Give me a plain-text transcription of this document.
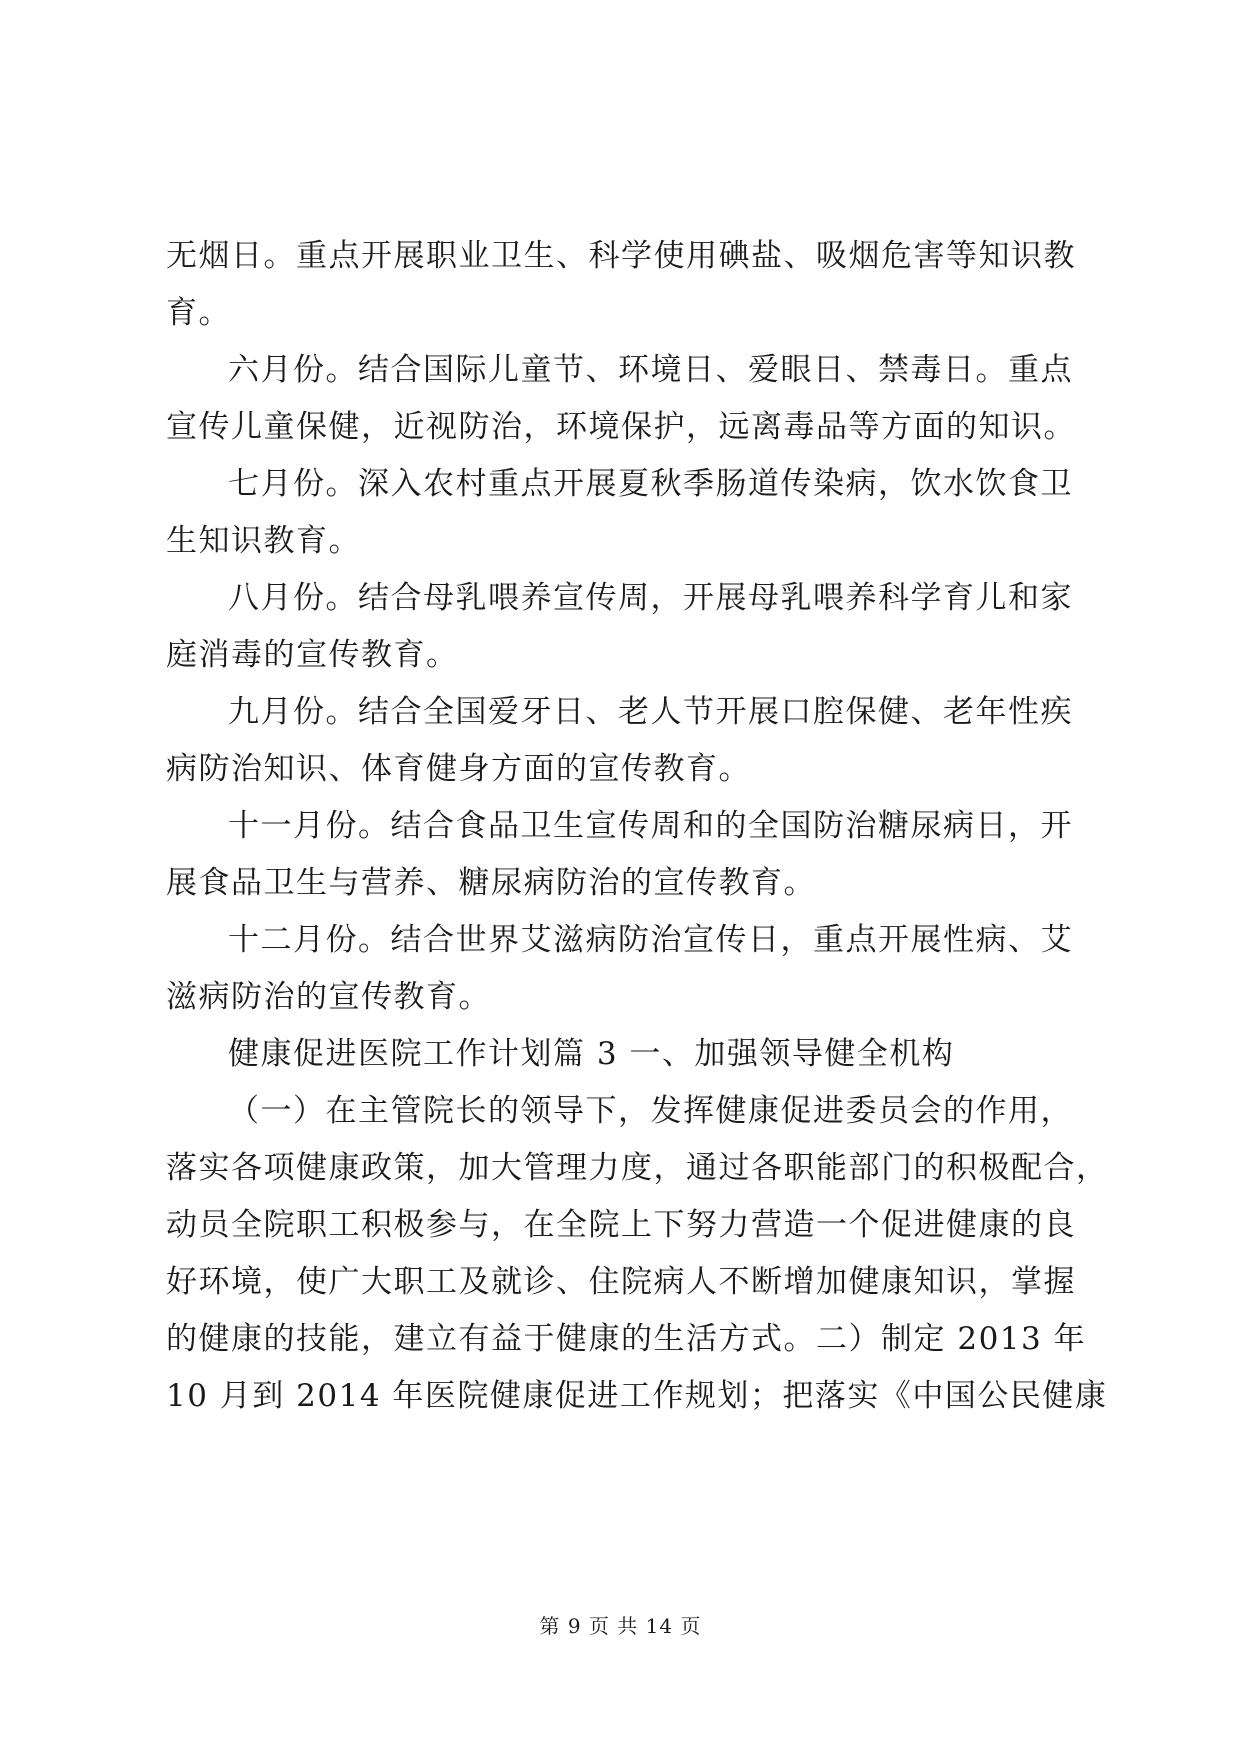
无烟日。重点开展职业卫生、科学使用碘盐、吸烟危害等知识教
育。
六月份。结合国际儿童节、环境日、爱眼日、禁毒日。重点
宣传儿童保健，近视防治，环境保护，远离毒品等方面的知识。
七月份。深入农村重点开展夏秋季肠道传染病，饮水饮食卫
生知识教育。
八月份。结合母乳喂养宣传周，开展母乳喂养科学育儿和家
庭消毒的宣传教育。
九月份。结合全国爱牙日、老人节开展口腔保健、老年性疾
病防治知识、体育健身方面的宣传教育。
十一月份。结合食品卫生宣传周和的全国防治糖尿病日，开
展食品卫生与营养、糖尿病防治的宣传教育。
十二月份。结合世界艾滋病防治宣传日，重点开展性病、艾
滋病防治的宣传教育。
健康促进医院工作计划篇 3 一、加强领导健全机构
（一）在主管院长的领导下，发挥健康促进委员会的作用，
落实各项健康政策，加大管理力度，通过各职能部门的积极配合，
动员全院职工积极参与，在全院上下努力营造一个促进健康的良
好环境，使广大职工及就诊、住院病人不断增加健康知识，掌握
的健康的技能，建立有益于健康的生活方式。二）制定 2013 年
10 月到 2014 年医院健康促进工作规划；把落实《中国公民健康
第 9 页 共 14 页
